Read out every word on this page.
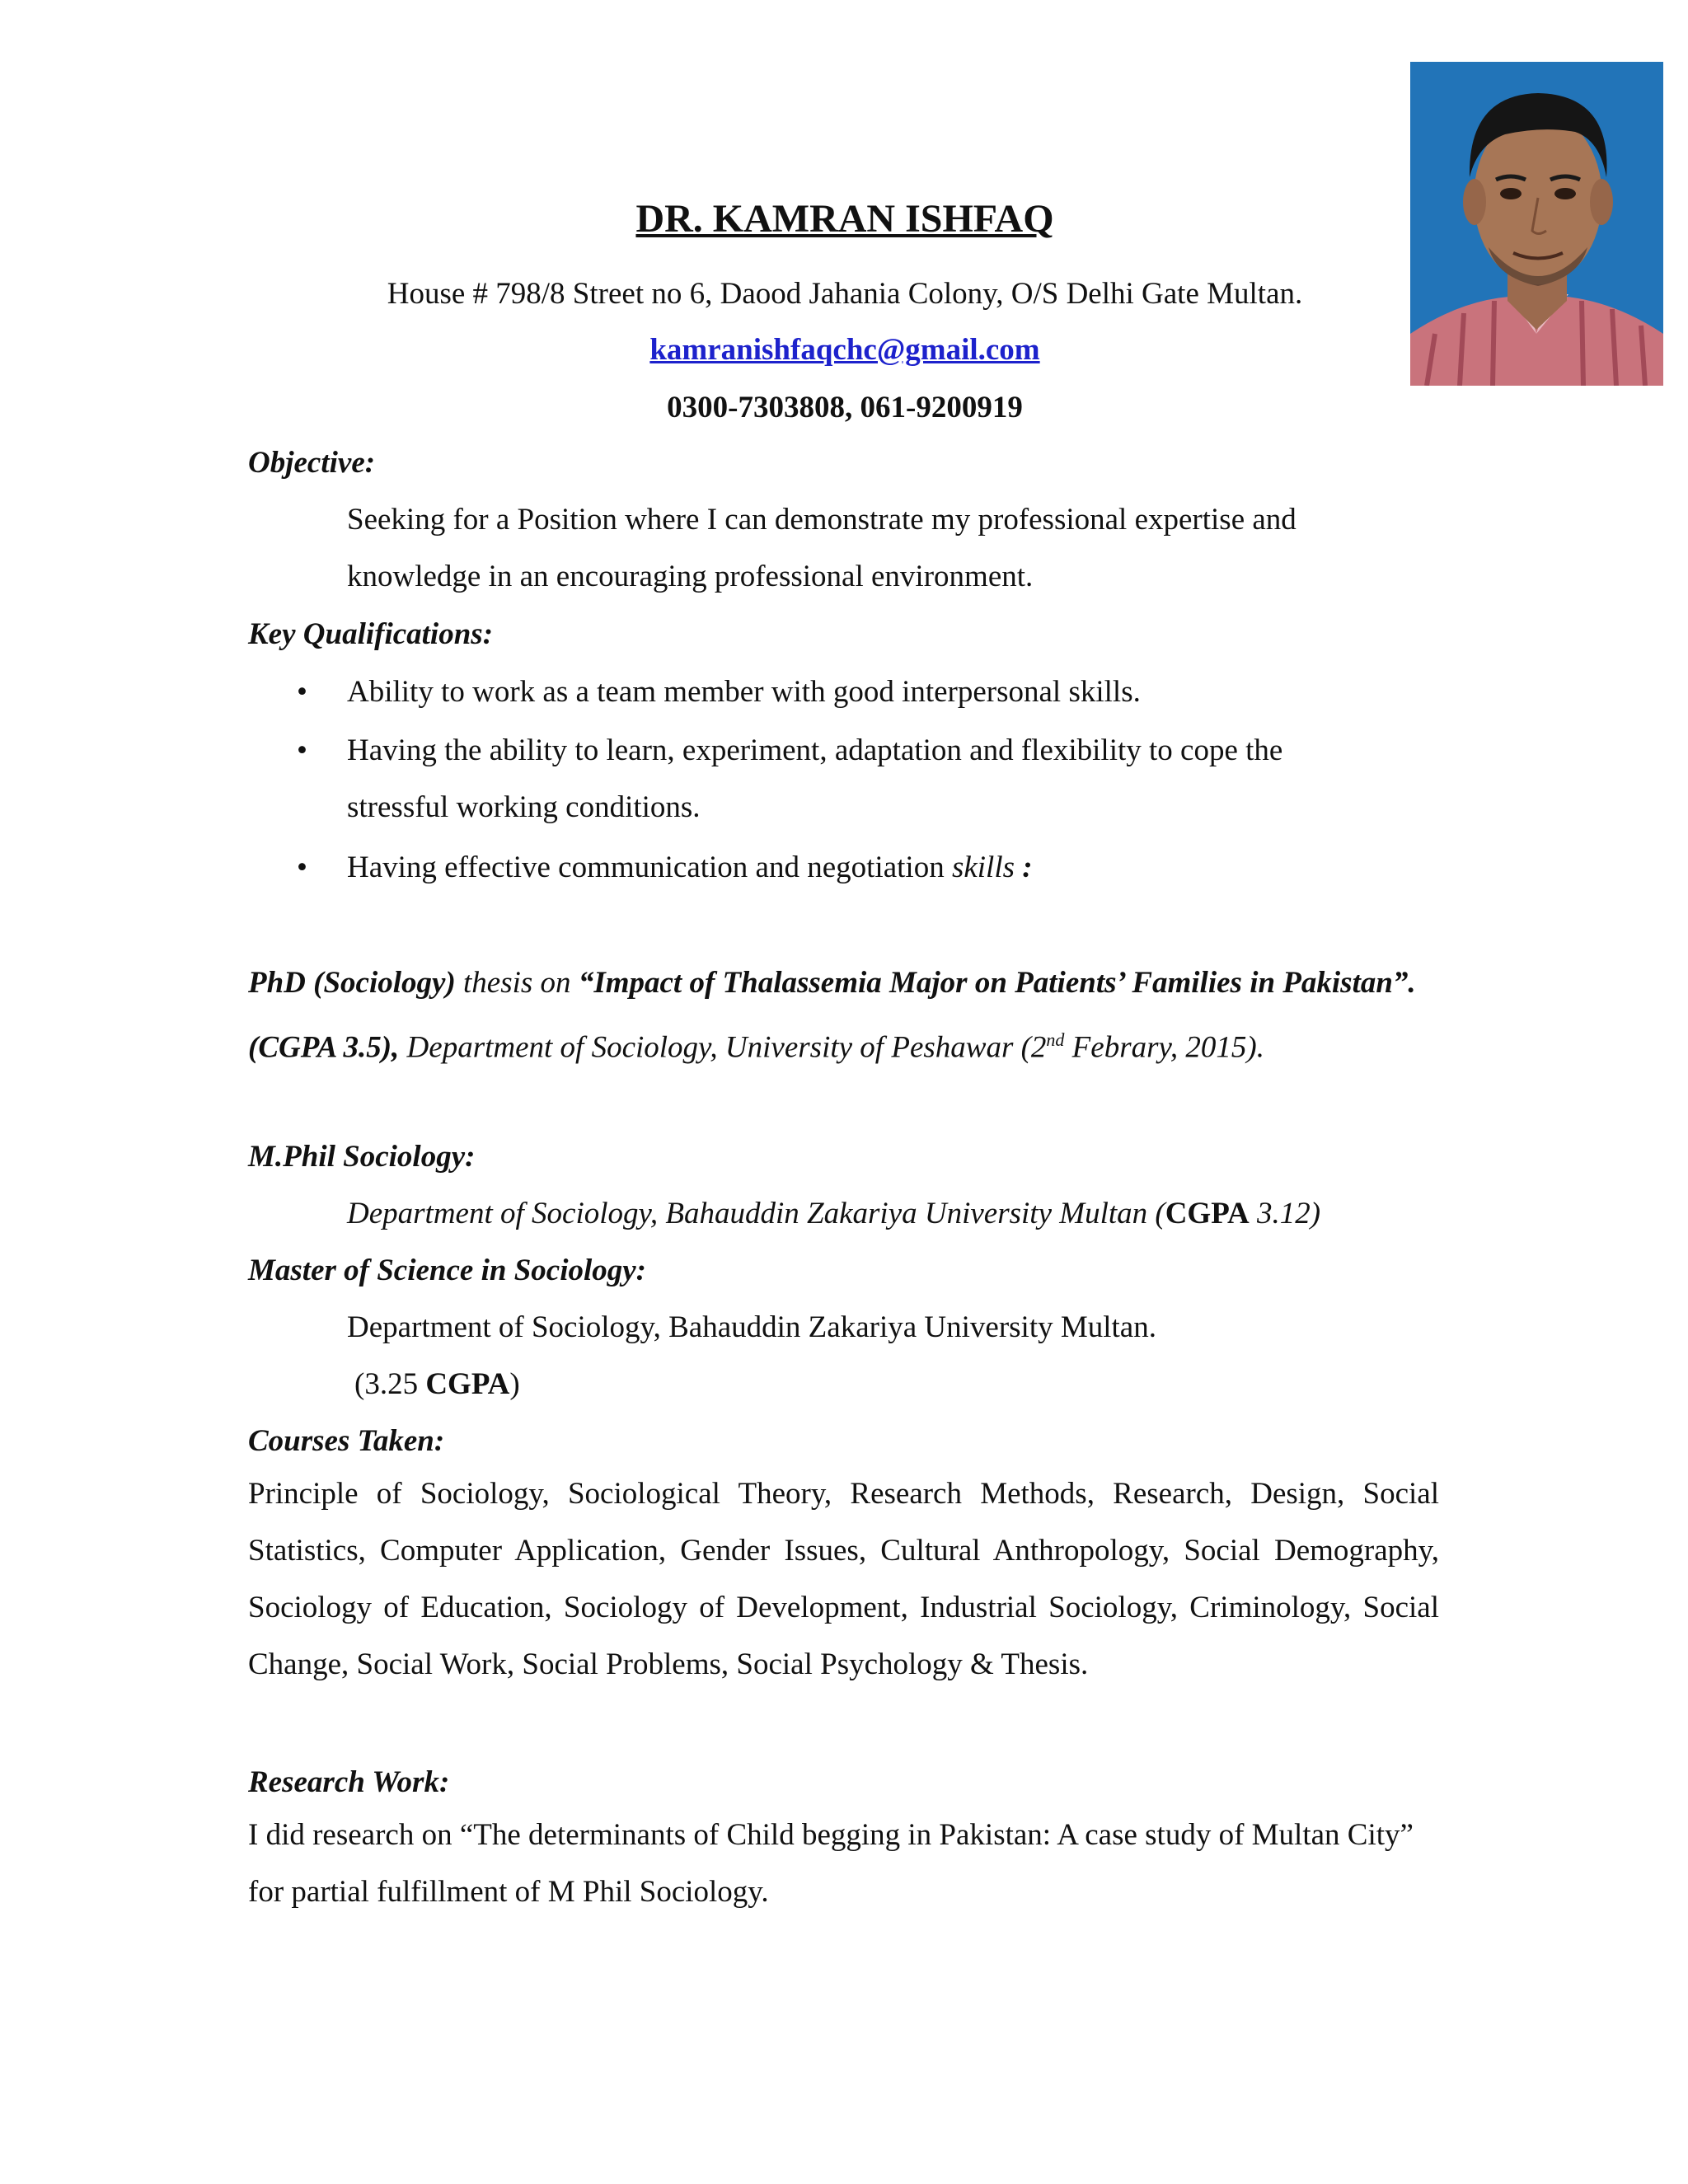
DR. KAMRAN ISHFAQ
House # 798/8 Street no 6, Daood Jahania Colony, O/S Delhi Gate Multan.
kamranishfaqchc@gmail.com
0300-7303808, 061-9200919
Objective:
Seeking for a Position where I can demonstrate my professional expertise and
knowledge in an encouraging professional environment.
Key Qualifications:
• Ability to work as a team member with good interpersonal skills.
• Having the ability to learn, experiment, adaptation and flexibility to cope the
stressful working conditions.
• Having effective communication and negotiation skills :
PhD (Sociology) thesis on “Impact of Thalassemia Major on Patients’ Families in Pakistan”. (CGPA 3.5), Department of Sociology, University of Peshawar (2nd Febrary, 2015).
M.Phil Sociology:
Department of Sociology, Bahauddin Zakariya University Multan (CGPA 3.12)
Master of Science in Sociology:
Department of Sociology, Bahauddin Zakariya University Multan.
(3.25 CGPA)
Courses Taken:
Principle of Sociology, Sociological Theory, Research Methods, Research, Design, Social Statistics, Computer Application, Gender Issues, Cultural Anthropology, Social Demography, Sociology of Education, Sociology of Development, Industrial Sociology, Criminology, Social Change, Social Work, Social Problems, Social Psychology & Thesis.
Research Work:
I did research on “The determinants of Child begging in Pakistan: A case study of Multan City” for partial fulfillment of M Phil Sociology.
